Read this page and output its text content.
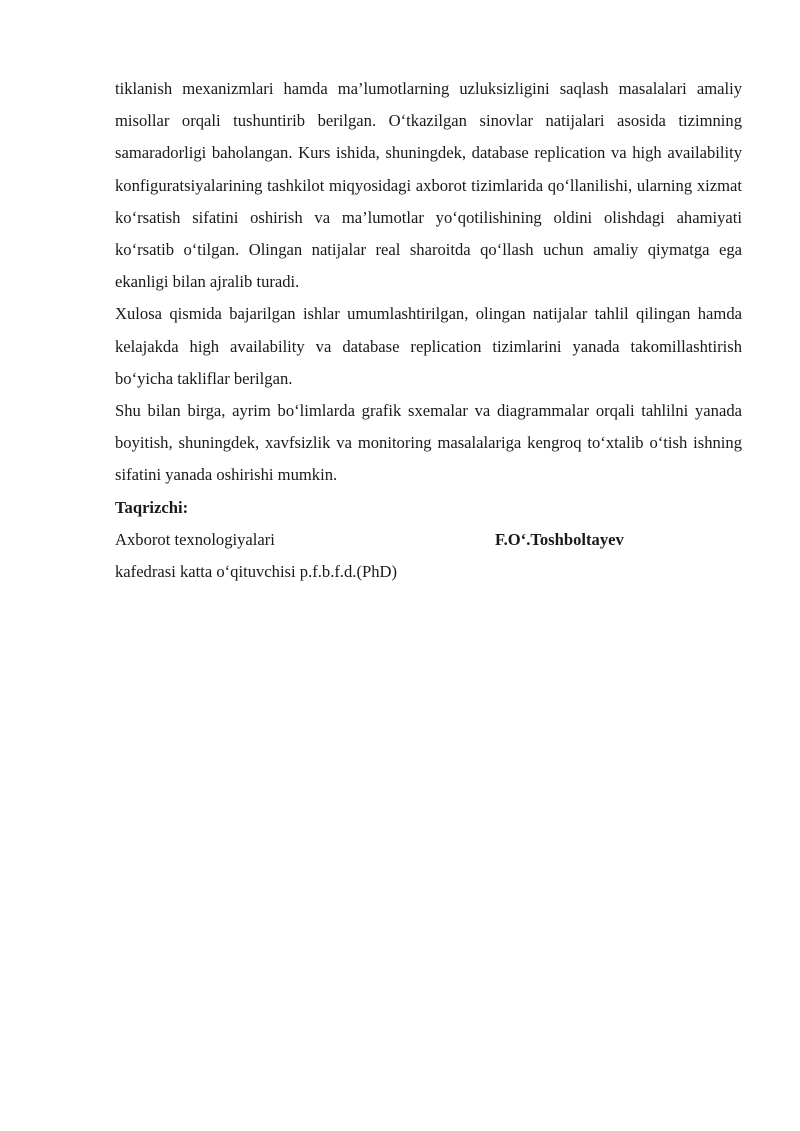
tiklanish mexanizmlari hamda ma’lumotlarning uzluksizligini saqlash masalalari amaliy misollar orqali tushuntirib berilgan. O‘tkazilgan sinovlar natijalari asosida tizimning samaradorligi baholangan. Kurs ishida, shuningdek, database replication va high availability konfiguratsiyalarining tashkilot miqyosidagi axborot tizimlarida qo‘llanilishi, ularning xizmat ko‘rsatish sifatini oshirish va ma’lumotlar yo‘qotilishining oldini olishdagi ahamiyati ko‘rsatib o‘tilgan. Olingan natijalar real sharoitda qo‘llash uchun amaliy qiymatga ega ekanligi bilan ajralib turadi.

Xulosa qismida bajarilgan ishlar umumlashtirilgan, olingan natijalar tahlil qilingan hamda kelajakda high availability va database replication tizimlarini yanada takomillashtirish bo‘yicha takliflar berilgan.

Shu bilan birga, ayrim bo‘limlarda grafik sxemalar va diagrammalar orqali tahlilni yanada boyitish, shuningdek, xavfsizlik va monitoring masalalariga kengroq to‘xtalib o‘tish ishning sifatini yanada oshirishi mumkin.

Taqrizchi:

Axborot texnologiyalari	F.O‘.Toshboltayev

kafedrasi katta o‘qituvchisi p.f.b.f.d.(PhD)
